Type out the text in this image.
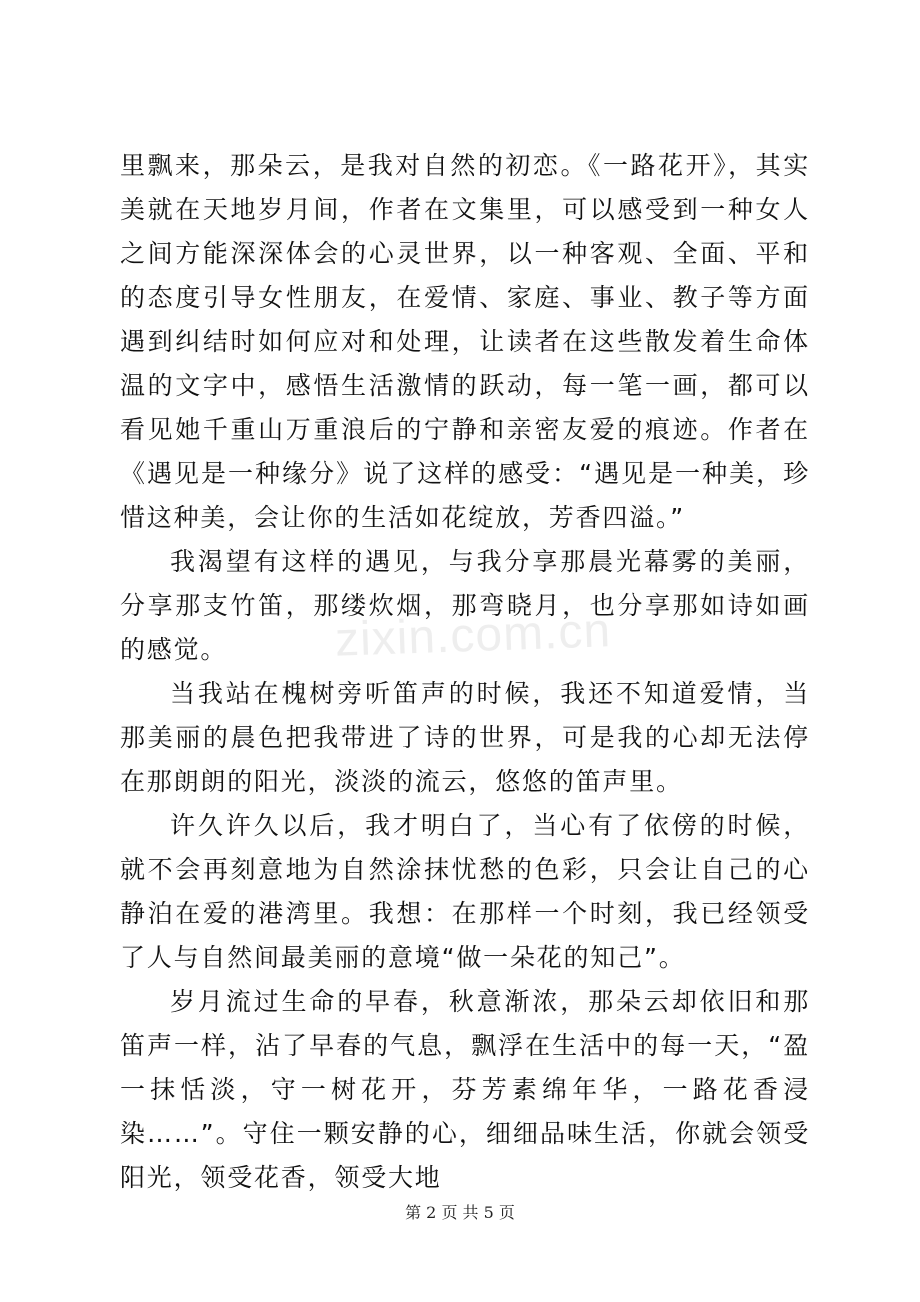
zixin.com.cn

里飘来，那朵云，是我对自然的初恋。《一路花开》，其实美就在天地岁月间，作者在文集里，可以感受到一种女人之间方能深深体会的心灵世界，以一种客观、全面、平和的态度引导女性朋友，在爱情、家庭、事业、教子等方面遇到纠结时如何应对和处理，让读者在这些散发着生命体温的文字中，感悟生活激情的跃动，每一笔一画，都可以看见她千重山万重浪后的宁静和亲密友爱的痕迹。作者在《遇见是一种缘分》说了这样的感受：“遇见是一种美，珍惜这种美，会让你的生活如花绽放，芳香四溢。”

我渴望有这样的遇见，与我分享那晨光幕雾的美丽，分享那支竹笛，那缕炊烟，那弯晓月，也分享那如诗如画的感觉。

当我站在槐树旁听笛声的时候，我还不知道爱情，当那美丽的晨色把我带进了诗的世界，可是我的心却无法停在那朗朗的阳光，淡淡的流云，悠悠的笛声里。

许久许久以后，我才明白了，当心有了依傍的时候，就不会再刻意地为自然涂抹忧愁的色彩，只会让自己的心静泊在爱的港湾里。我想：在那样一个时刻，我已经领受了人与自然间最美丽的意境“做一朵花的知己”。

岁月流过生命的早春，秋意渐浓，那朵云却依旧和那笛声一样，沾了早春的气息，飘浮在生活中的每一天，“盈一抹恬淡，守一树花开，芬芳素绵年华，一路花香浸染……”。守住一颗安静的心，细细品味生活，你就会领受阳光，领受花香，领受大地

第 2 页 共 5 页
